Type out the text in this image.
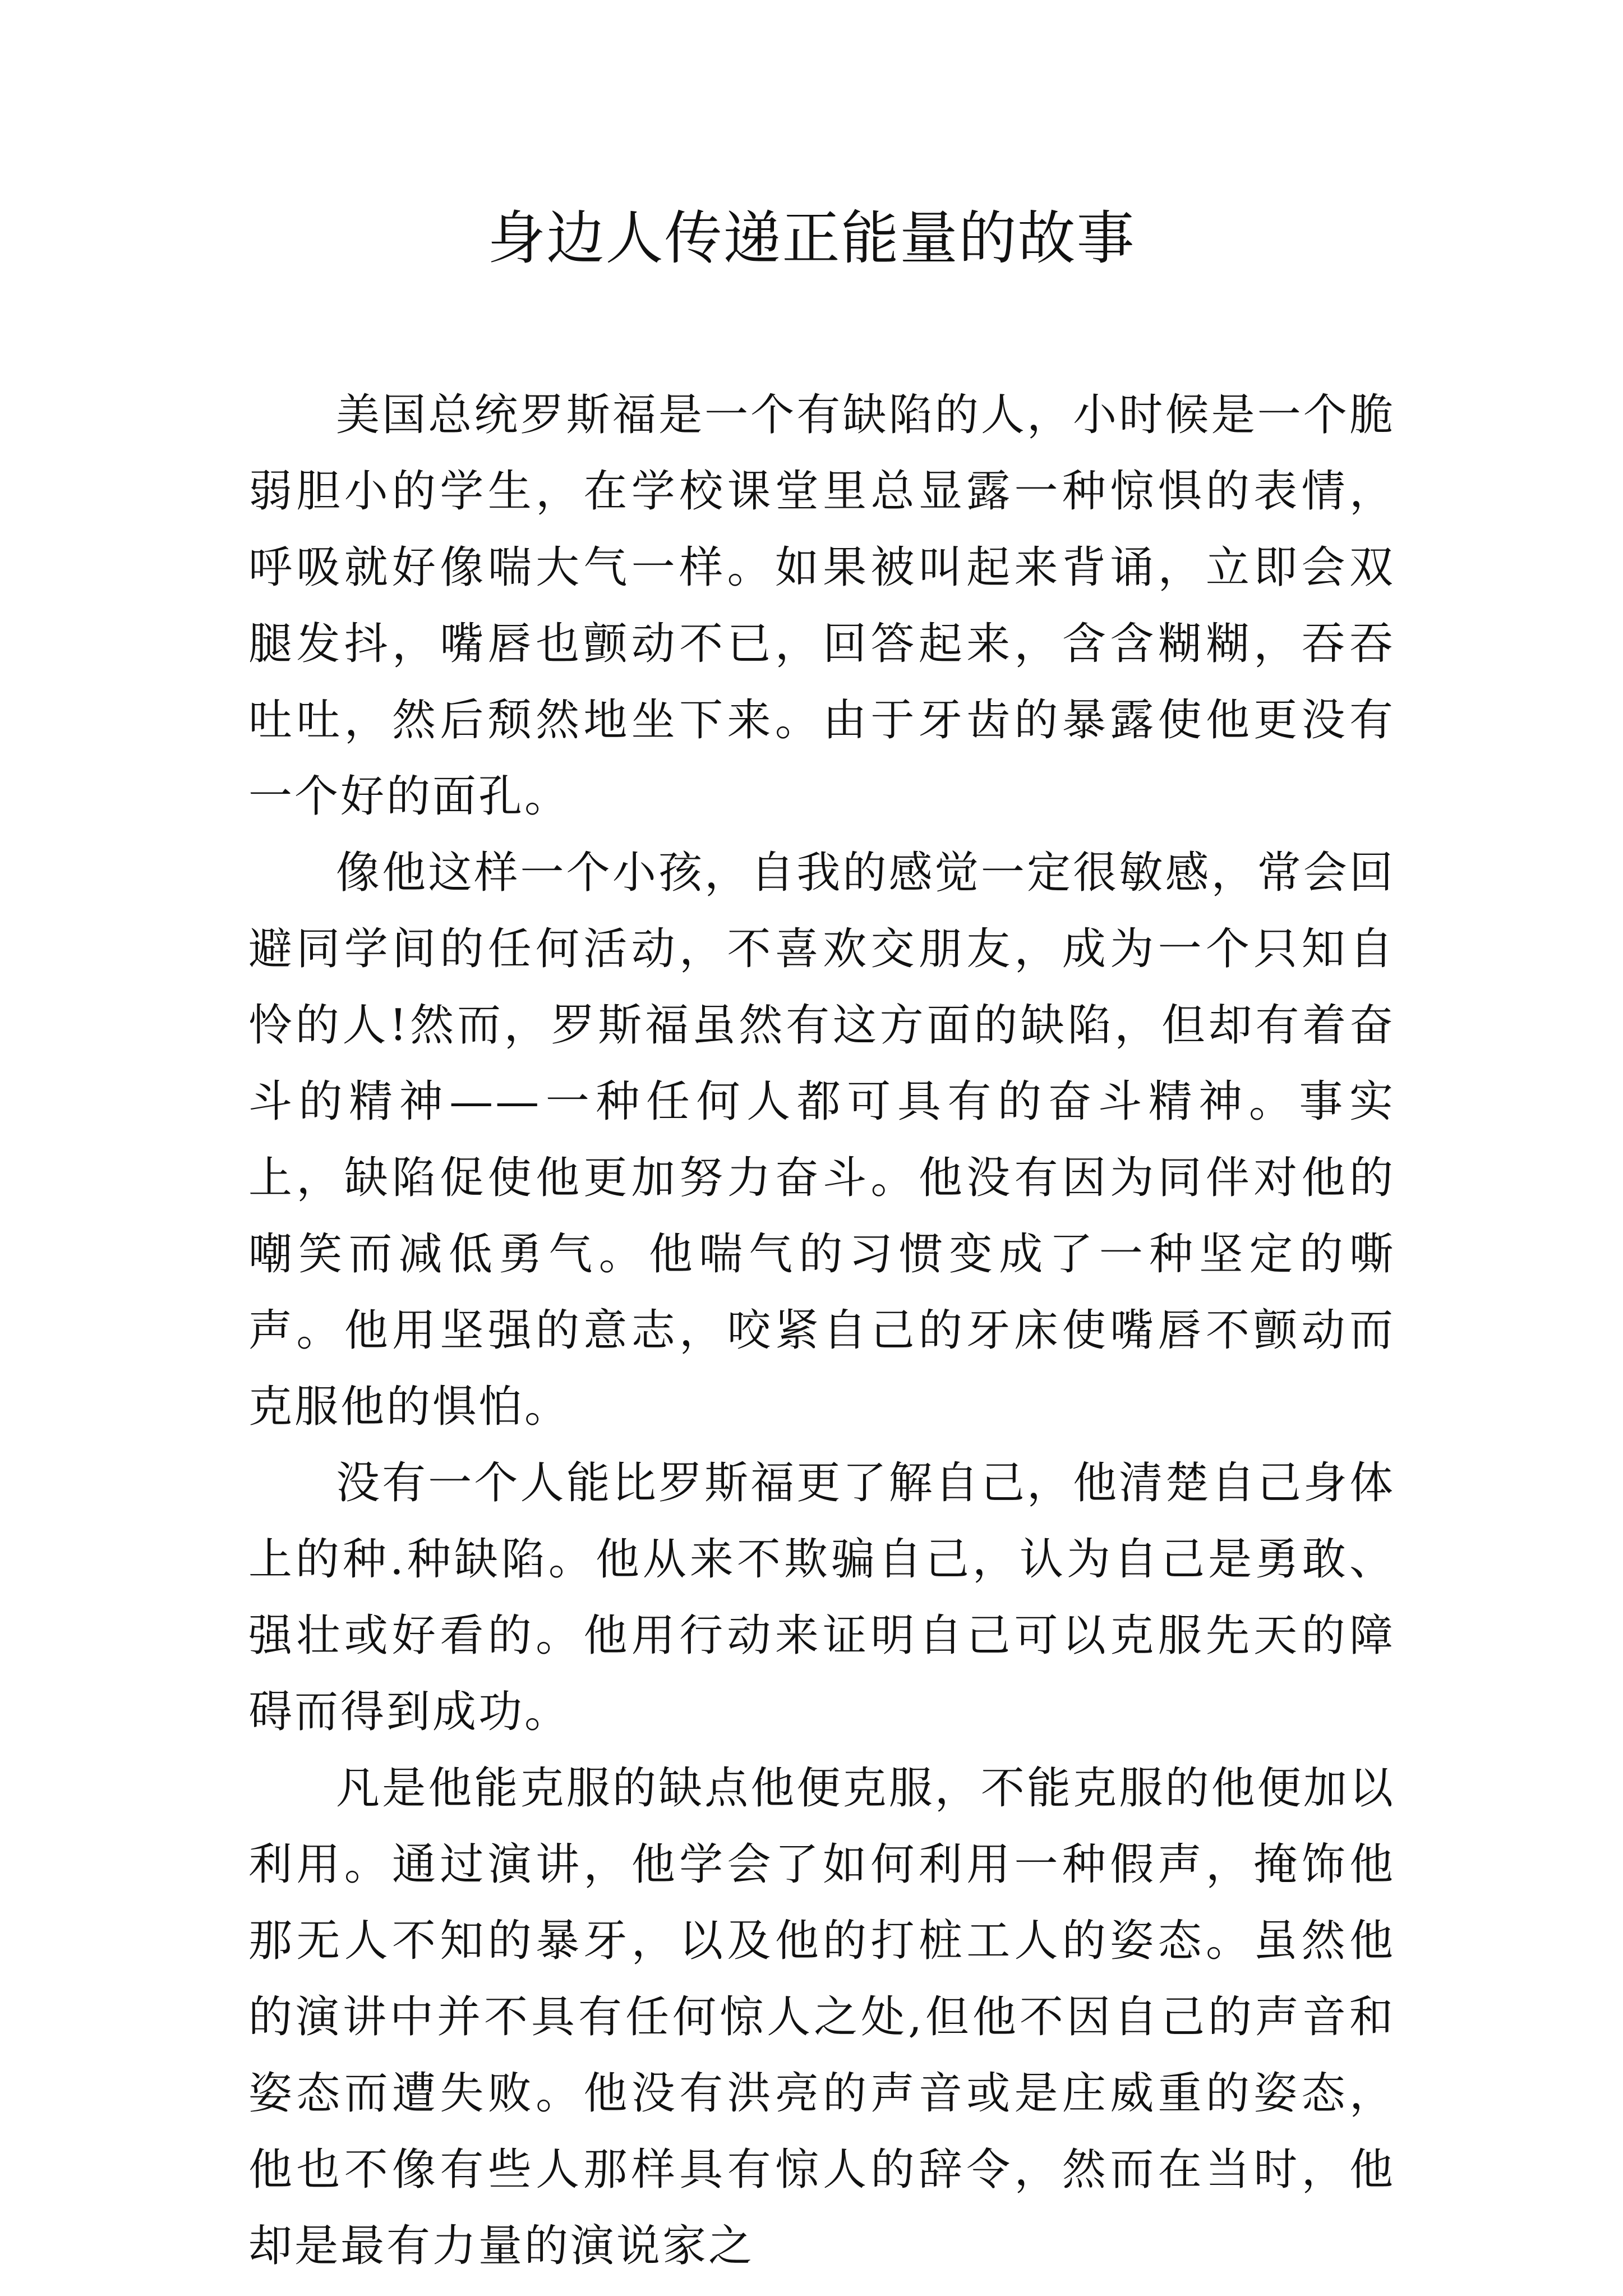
身边人传递正能量的故事

美国总统罗斯福是一个有缺陷的人，小时候是一个脆弱胆小的学生，在学校课堂里总显露一种惊惧的表情，呼吸就好像喘大气一样。如果被叫起来背诵，立即会双腿发抖，嘴唇也颤动不已，回答起来，含含糊糊，吞吞吐吐，然后颓然地坐下来。由于牙齿的暴露使他更没有一个好的面孔。

像他这样一个小孩，自我的感觉一定很敏感，常会回避同学间的任何活动，不喜欢交朋友，成为一个只知自怜的人!然而，罗斯福虽然有这方面的缺陷，但却有着奋斗的精神——一种任何人都可具有的奋斗精神。事实上，缺陷促使他更加努力奋斗。他没有因为同伴对他的嘲笑而减低勇气。他喘气的习惯变成了一种坚定的嘶声。他用坚强的意志，咬紧自己的牙床使嘴唇不颤动而克服他的惧怕。

没有一个人能比罗斯福更了解自己，他清楚自己身体上的种.种缺陷。他从来不欺骗自己，认为自己是勇敢、强壮或好看的。他用行动来证明自己可以克服先天的障碍而得到成功。

凡是他能克服的缺点他便克服，不能克服的他便加以利用。通过演讲，他学会了如何利用一种假声，掩饰他那无人不知的暴牙，以及他的打桩工人的姿态。虽然他的演讲中并不具有任何惊人之处,但他不因自己的声音和姿态而遭失败。他没有洪亮的声音或是庄威重的姿态，他也不像有些人那样具有惊人的辞令，然而在当时，他却是最有力量的演说家之
